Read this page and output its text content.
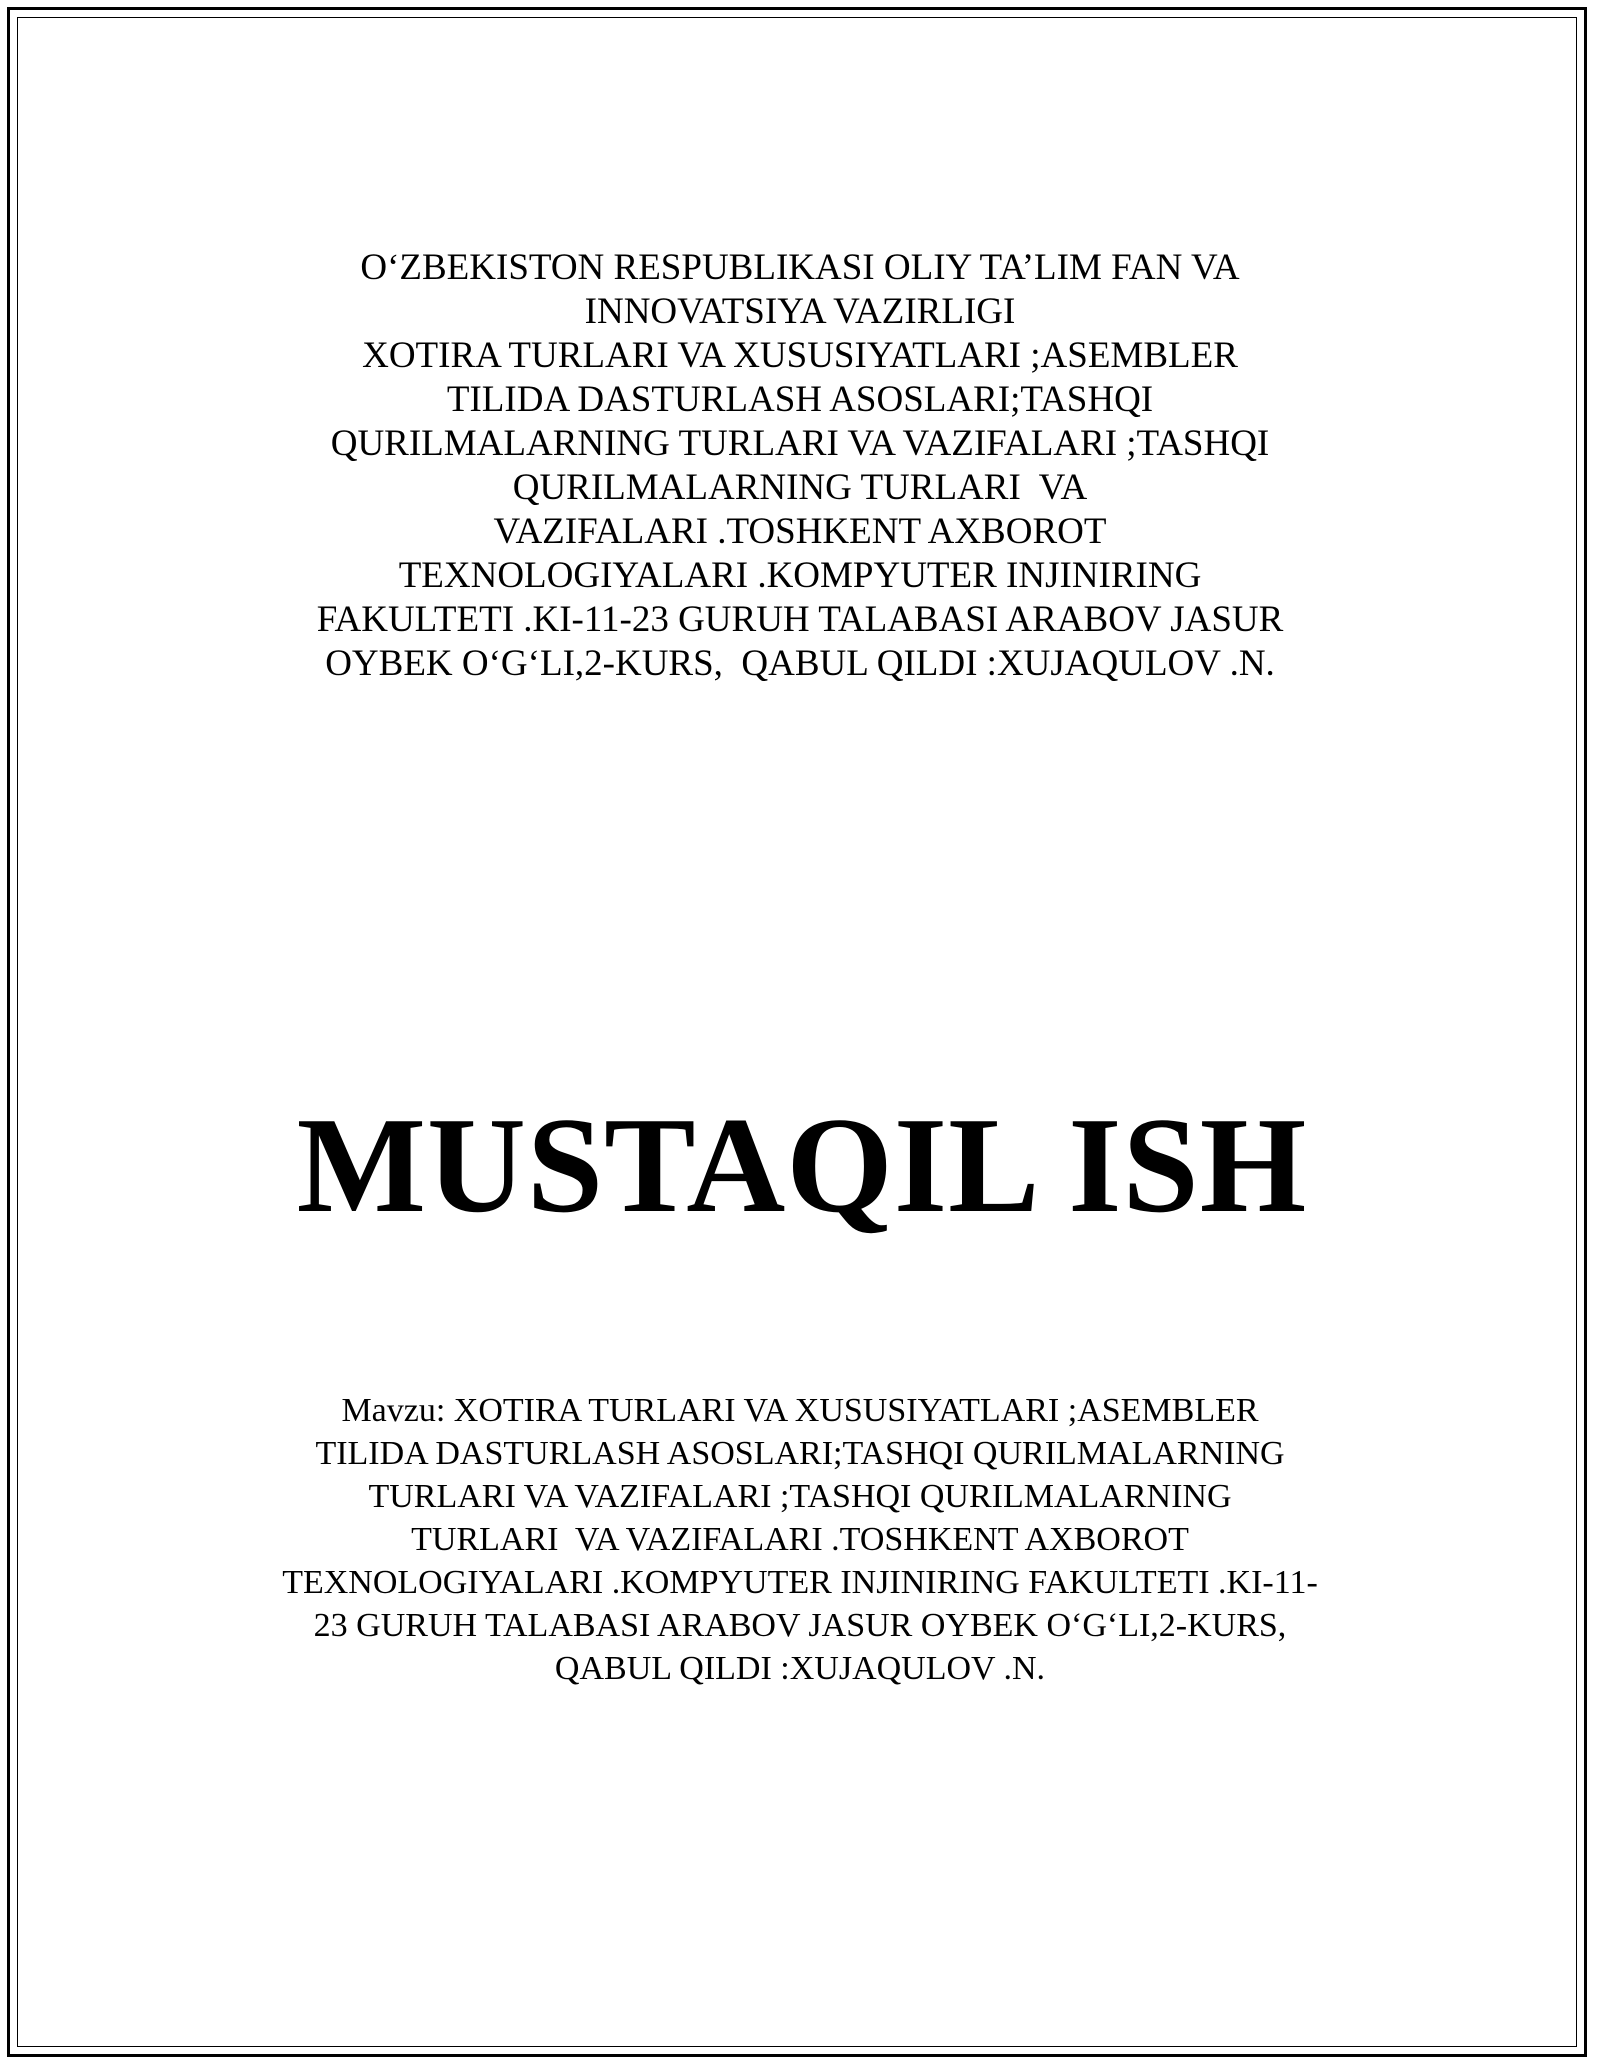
O‘ZBEKISTON RESPUBLIKASI OLIY TA’LIM FAN VA
INNOVATSIYA VAZIRLIGI
XOTIRA TURLARI VA XUSUSIYATLARI ;ASEMBLER
TILIDA DASTURLASH ASOSLARI;TASHQI
QURILMALARNING TURLARI VA VAZIFALARI ;TASHQI
QURILMALARNING TURLARI  VA
VAZIFALARI .TOSHKENT AXBOROT
TEXNOLOGIYALARI .KOMPYUTER INJINIRING
FAKULTETI .KI-11-23 GURUH TALABASI ARABOV JASUR
OYBEK O‘G‘LI,2-KURS,  QABUL QILDI :XUJAQULOV .N.
MUSTAQIL ISH
Mavzu: XOTIRA TURLARI VA XUSUSIYATLARI ;ASEMBLER
TILIDA DASTURLASH ASOSLARI;TASHQI QURILMALARNING
TURLARI VA VAZIFALARI ;TASHQI QURILMALARNING
TURLARI  VA VAZIFALARI .TOSHKENT AXBOROT
TEXNOLOGIYALARI .KOMPYUTER INJINIRING FAKULTETI .KI-11-
23 GURUH TALABASI ARABOV JASUR OYBEK O‘G‘LI,2-KURS,
QABUL QILDI :XUJAQULOV .N.
